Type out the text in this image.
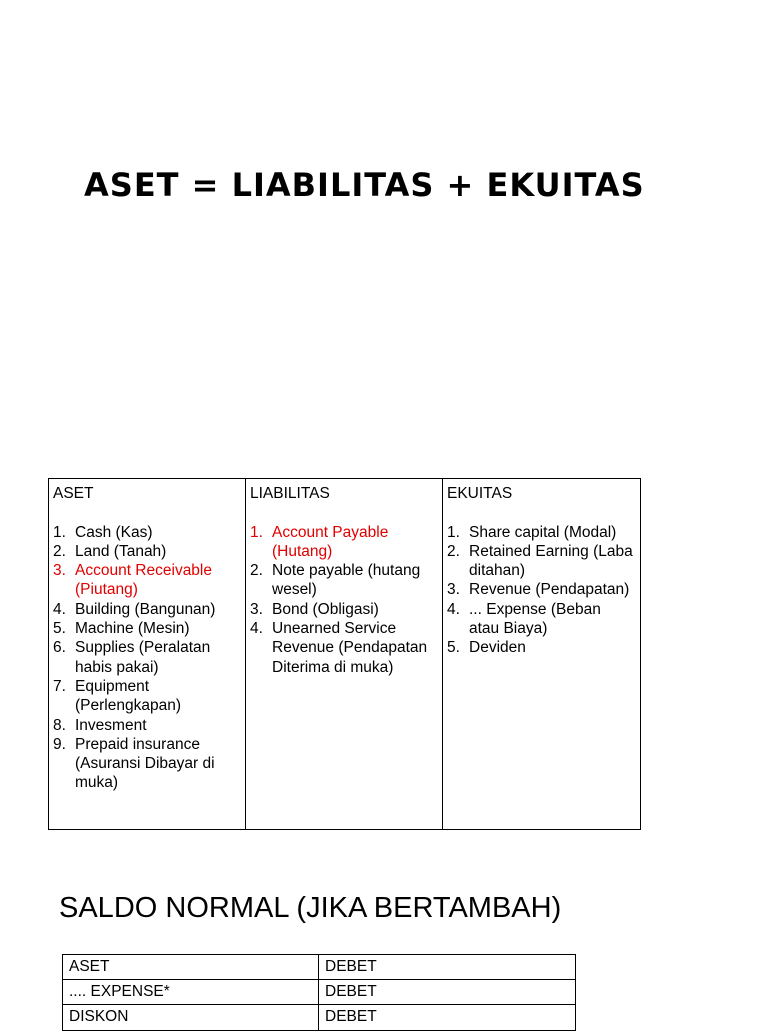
ASET = LIABILITAS + EKUITAS
ASET
1. Cash (Kas)
2. Land (Tanah)
3. Account Receivable (Piutang)
4. Building (Bangunan)
5. Machine (Mesin)
6. Supplies (Peralatan habis pakai)
7. Equipment (Perlengkapan)
8. Invesment
9. Prepaid insurance (Asuransi Dibayar di muka)

LIABILITAS
1. Account Payable (Hutang)
2. Note payable (hutang wesel)
3. Bond (Obligasi)
4. Unearned Service Revenue (Pendapatan Diterima di muka)

EKUITAS
1. Share capital (Modal)
2. Retained Earning (Laba ditahan)
3. Revenue (Pendapatan)
4. ... Expense (Beban atau Biaya)
5. Deviden
SALDO NORMAL (JIKA BERTAMBAH)
ASET	DEBET
.... EXPENSE*	DEBET
DISKON	DEBET
